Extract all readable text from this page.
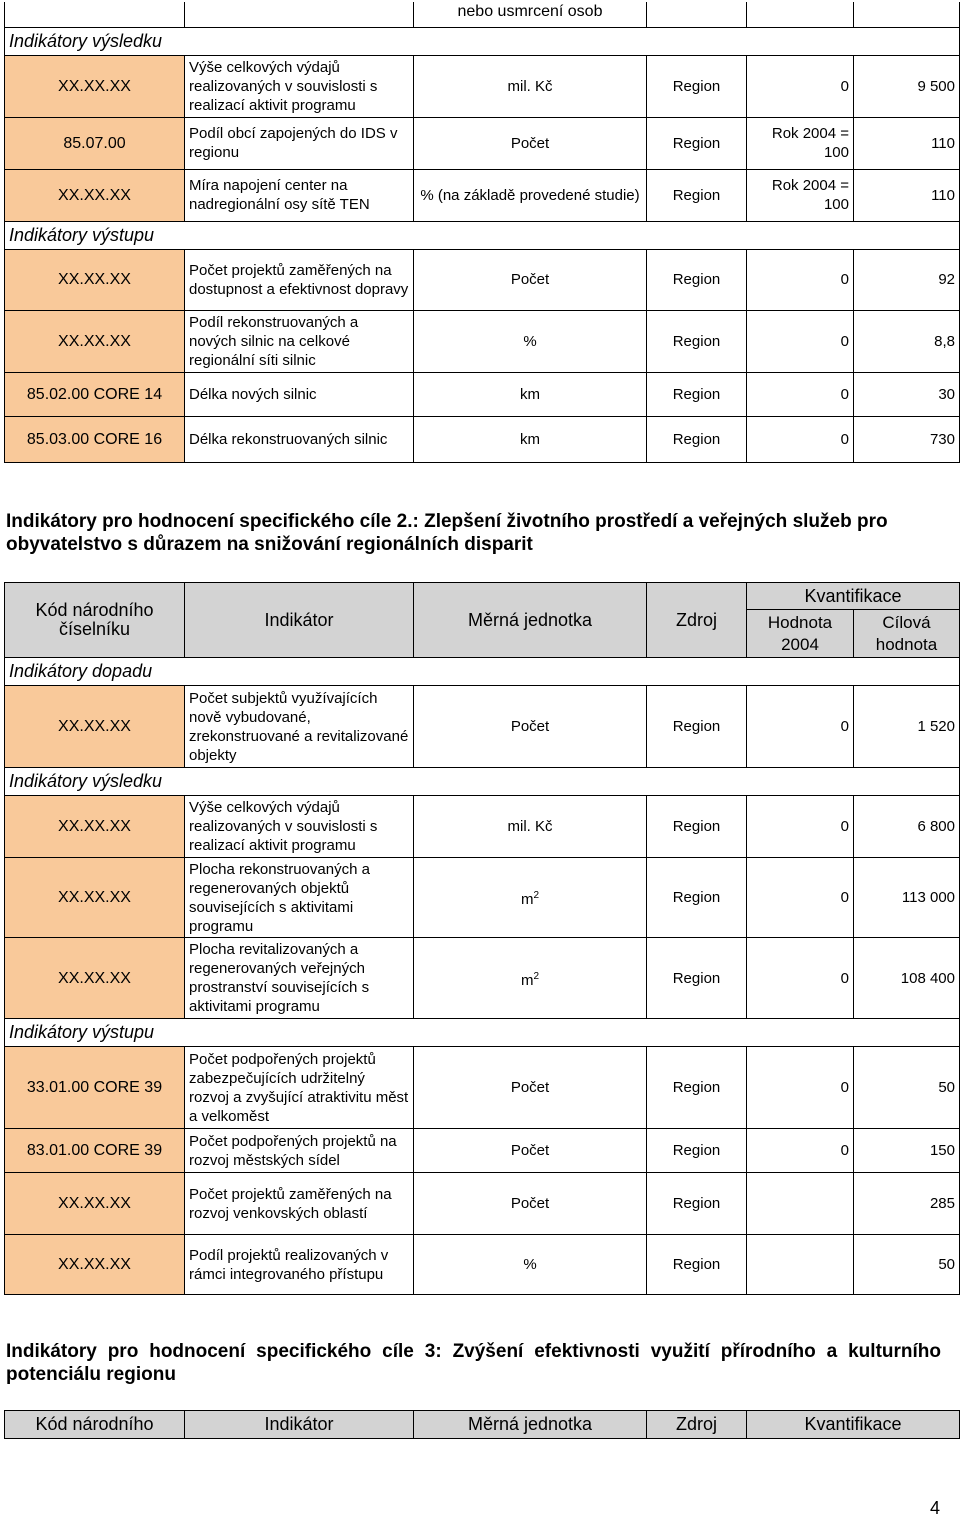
		nebo usmrcení osob			
Indikátory výsledku					
XX.XX.XX	Výše celkových výdajů realizovaných v souvislosti s realizací aktivit programu	mil. Kč	Region	0	9 500
85.07.00	Podíl obcí zapojených do IDS v regionu	Počet	Region	Rok 2004 = 100	110
XX.XX.XX	Míra napojení center na nadregionální osy sítě TEN	% (na základě provedené studie)	Region	Rok 2004 = 100	110
Indikátory výstupu					
XX.XX.XX	Počet projektů zaměřených na dostupnost a efektivnost dopravy	Počet	Region	0	92
XX.XX.XX	Podíl rekonstruovaných a nových silnic na celkové regionální síti silnic	%	Region	0	8,8
85.02.00 CORE 14	Délka nových silnic	km	Region	0	30
85.03.00 CORE 16	Délka rekonstruovaných silnic	km	Region	0	730

Indikátory pro hodnocení specifického cíle 2.: Zlepšení životního prostředí a veřejných služeb pro obyvatelstvo s důrazem na snižování regionálních disparit

Kód národního číselníku	Indikátor	Měrná jednotka	Zdroj	Kvantifikace	
				Hodnota 2004	Cílová hodnota
Indikátory dopadu					
XX.XX.XX	Počet subjektů využívajících nově vybudované, zrekonstruované a revitalizované objekty	Počet	Region	0	1 520
Indikátory výsledku					
XX.XX.XX	Výše celkových výdajů realizovaných v souvislosti s realizací aktivit programu	mil. Kč	Region	0	6 800
XX.XX.XX	Plocha rekonstruovaných a regenerovaných objektů souvisejících s aktivitami programu	$m^2$	Region	0	113 000
XX.XX.XX	Plocha revitalizovaných a regenerovaných veřejných prostranství souvisejících s aktivitami programu	$m^2$	Region	0	108 400
Indikátory výstupu					
33.01.00 CORE 39	Počet podpořených projektů zabezpečujících udržitelný rozvoj a zvyšující atraktivitu měst a velkoměst	Počet	Region	0	50
83.01.00 CORE 39	Počet podpořených projektů na rozvoj městských sídel	Počet	Region	0	150
XX.XX.XX	Počet projektů zaměřených na rozvoj venkovských oblastí	Počet	Region		285
XX.XX.XX	Podíl projektů realizovaných v rámci integrovaného přístupu	%	Region		50

Indikátory pro hodnocení specifického cíle 3: Zvýšení efektivnosti využití přírodního a kulturního potenciálu regionu

Kód národního	Indikátor	Měrná jednotka	Zdroj	Kvantifikace
4
